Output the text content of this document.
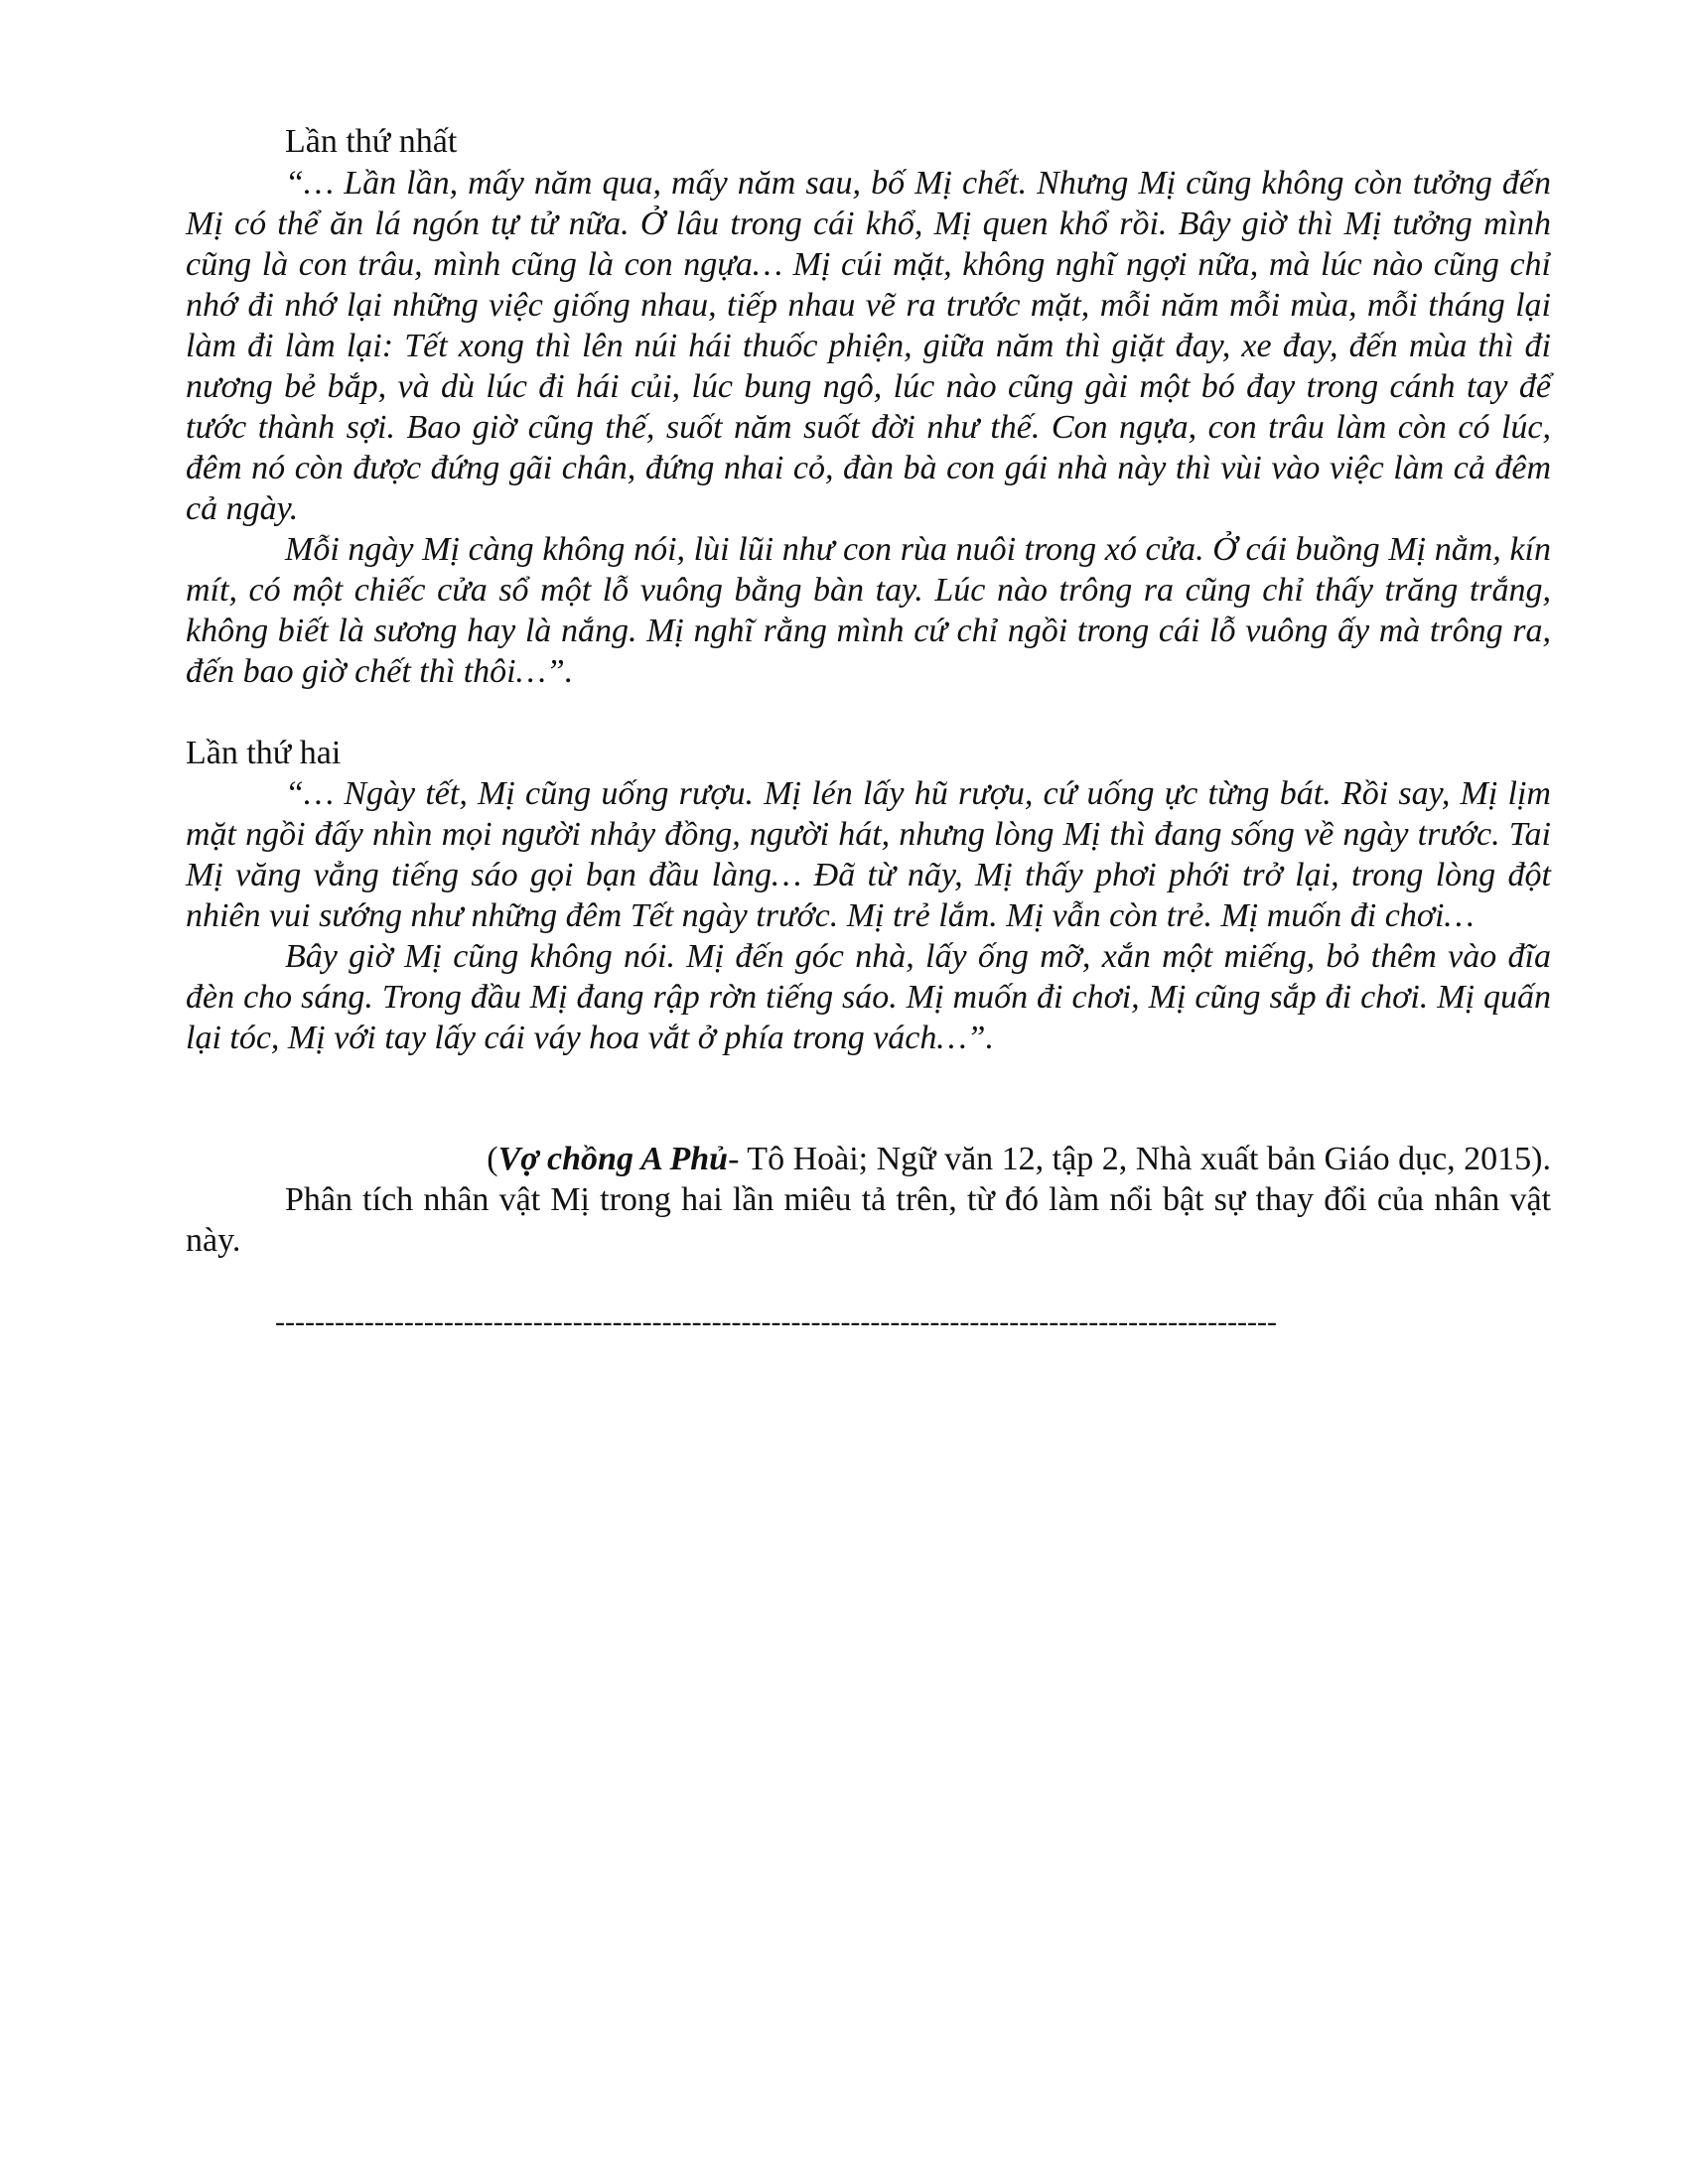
Lần thứ nhất

“… Lần lần, mấy năm qua, mấy năm sau, bố Mị chết. Nhưng Mị cũng không còn tưởng đến Mị có thể ăn lá ngón tự tử nữa. Ở lâu trong cái khổ, Mị quen khổ rồi. Bây giờ thì Mị tưởng mình cũng là con trâu, mình cũng là con ngựa… Mị cúi mặt, không nghĩ ngợi nữa, mà lúc nào cũng chỉ nhớ đi nhớ lại những việc giống nhau, tiếp nhau vẽ ra trước mặt, mỗi năm mỗi mùa, mỗi tháng lại làm đi làm lại: Tết xong thì lên núi hái thuốc phiện, giữa năm thì giặt đay, xe đay, đến mùa thì đi nương bẻ bắp, và dù lúc đi hái củi, lúc bung ngô, lúc nào cũng gài một bó đay trong cánh tay để tước thành sợi. Bao giờ cũng thế, suốt năm suốt đời như thế. Con ngựa, con trâu làm còn có lúc, đêm nó còn được đứng gãi chân, đứng nhai cỏ, đàn bà con gái nhà này thì vùi vào việc làm cả đêm cả ngày.

Mỗi ngày Mị càng không nói, lùi lũi như con rùa nuôi trong xó cửa. Ở cái buồng Mị nằm, kín mít, có một chiếc cửa sổ một lỗ vuông bằng bàn tay. Lúc nào trông ra cũng chỉ thấy trăng trắng, không biết là sương hay là nắng. Mị nghĩ rằng mình cứ chỉ ngồi trong cái lỗ vuông ấy mà trông ra, đến bao giờ chết thì thôi…”.

Lần thứ hai

“… Ngày tết, Mị cũng uống rượu. Mị lén lấy hũ rượu, cứ uống ực từng bát. Rồi say, Mị lịm mặt ngồi đấy nhìn mọi người nhảy đồng, người hát, nhưng lòng Mị thì đang sống về ngày trước. Tai Mị văng vẳng tiếng sáo gọi bạn đầu làng… Đã từ nãy, Mị thấy phơi phới trở lại, trong lòng đột nhiên vui sướng như những đêm Tết ngày trước. Mị trẻ lắm. Mị vẫn còn trẻ. Mị muốn đi chơi…

Bây giờ Mị cũng không nói. Mị đến góc nhà, lấy ống mỡ, xắn một miếng, bỏ thêm vào đĩa đèn cho sáng. Trong đầu Mị đang rập rờn tiếng sáo. Mị muốn đi chơi, Mị cũng sắp đi chơi. Mị quấn lại tóc, Mị với tay lấy cái váy hoa vắt ở phía trong vách…”.

(Vợ chồng A Phủ- Tô Hoài; Ngữ văn 12, tập 2, Nhà xuất bản Giáo dục, 2015).

Phân tích nhân vật Mị trong hai lần miêu tả trên, từ đó làm nổi bật sự thay đổi của nhân vật này.

-----------------------------------------------------------------------------------------------------
